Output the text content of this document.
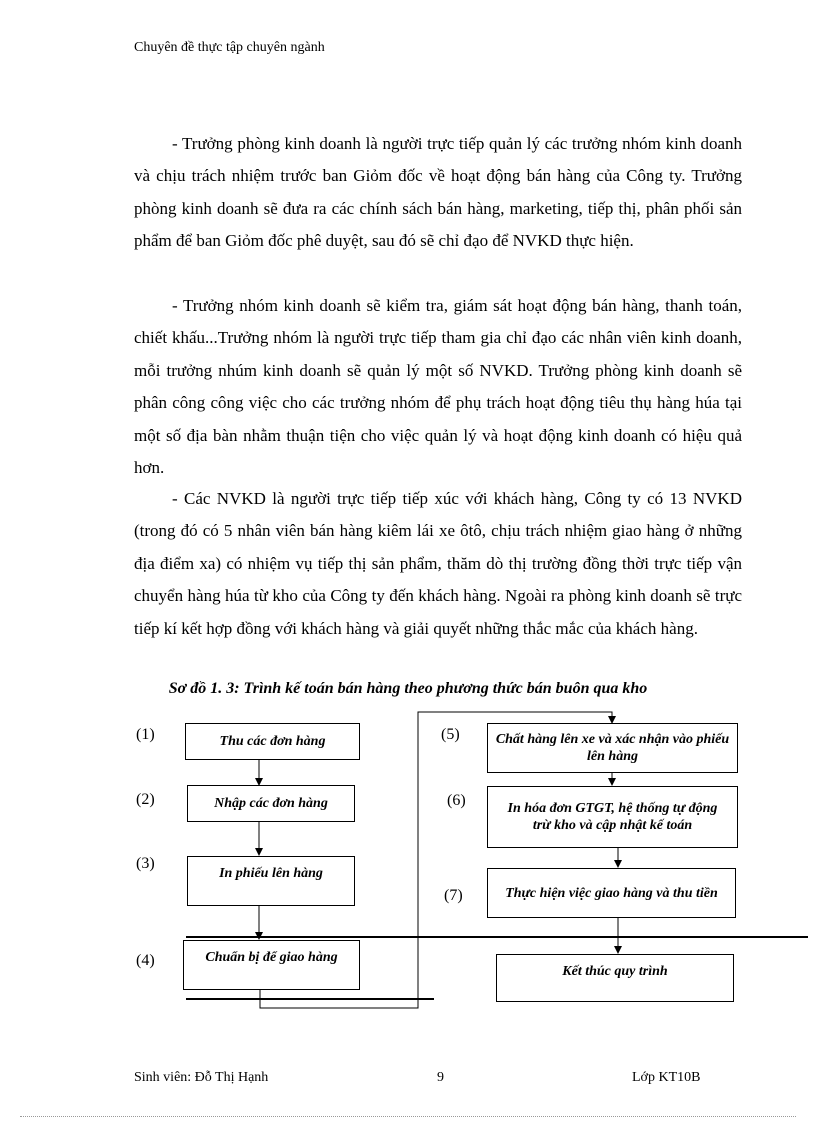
Chuyên đề thực tập chuyên ngành

- Trưởng phòng kinh doanh là người trực tiếp quản lý các trưởng nhóm kinh doanh và chịu trách nhiệm trước ban Giỏm đốc về hoạt động bán hàng của Công ty. Trưởng phòng kinh doanh sẽ đưa ra các chính sách bán hàng, marketing, tiếp thị, phân phối sản phẩm để ban Giỏm đốc phê duyệt, sau đó sẽ chỉ đạo để NVKD thực hiện.

- Trưởng nhóm kinh doanh sẽ kiểm tra, giám sát hoạt động bán hàng, thanh toán, chiết khấu...Trưởng nhóm là người trực tiếp tham gia chỉ đạo các nhân viên kinh doanh, mỗi trưởng nhúm kinh doanh sẽ quản lý một số NVKD. Trưởng phòng kinh doanh sẽ phân công công việc cho các trưởng nhóm để phụ trách hoạt động tiêu thụ hàng húa tại một số địa bàn nhằm thuận tiện cho việc quản lý và hoạt động kinh doanh có hiệu quả hơn.

- Các NVKD là người trực tiếp tiếp xúc với khách hàng, Công ty có 13 NVKD (trong đó có 5 nhân viên bán hàng kiêm lái xe ôtô, chịu trách nhiệm giao hàng ở những địa điểm xa) có nhiệm vụ tiếp thị sản phẩm, thăm dò thị trường đồng thời trực tiếp vận chuyển hàng húa từ kho của Công ty đến khách hàng. Ngoài ra phòng kinh doanh sẽ trực tiếp kí kết hợp đồng với khách hàng và giải quyết những thắc mắc của khách hàng.

Sơ đồ 1. 3: Trình kế toán bán hàng theo phương thức bán buôn qua kho
(1)
(2)
(3)
(4)
(5)
(6)
(7)
Thu các đơn hàng
Nhập các đơn hàng
In phiếu lên hàng
Chuẩn bị để giao hàng
Chất hàng lên xe và xác nhận vào phiếu lên hàng
In hóa đơn GTGT, hệ thống tự động trừ kho và cập nhật kế toán
Thực hiện việc giao hàng và thu tiền
Kết thúc quy trình
Sinh viên: Đỗ Thị Hạnh	9	Lớp KT10B
